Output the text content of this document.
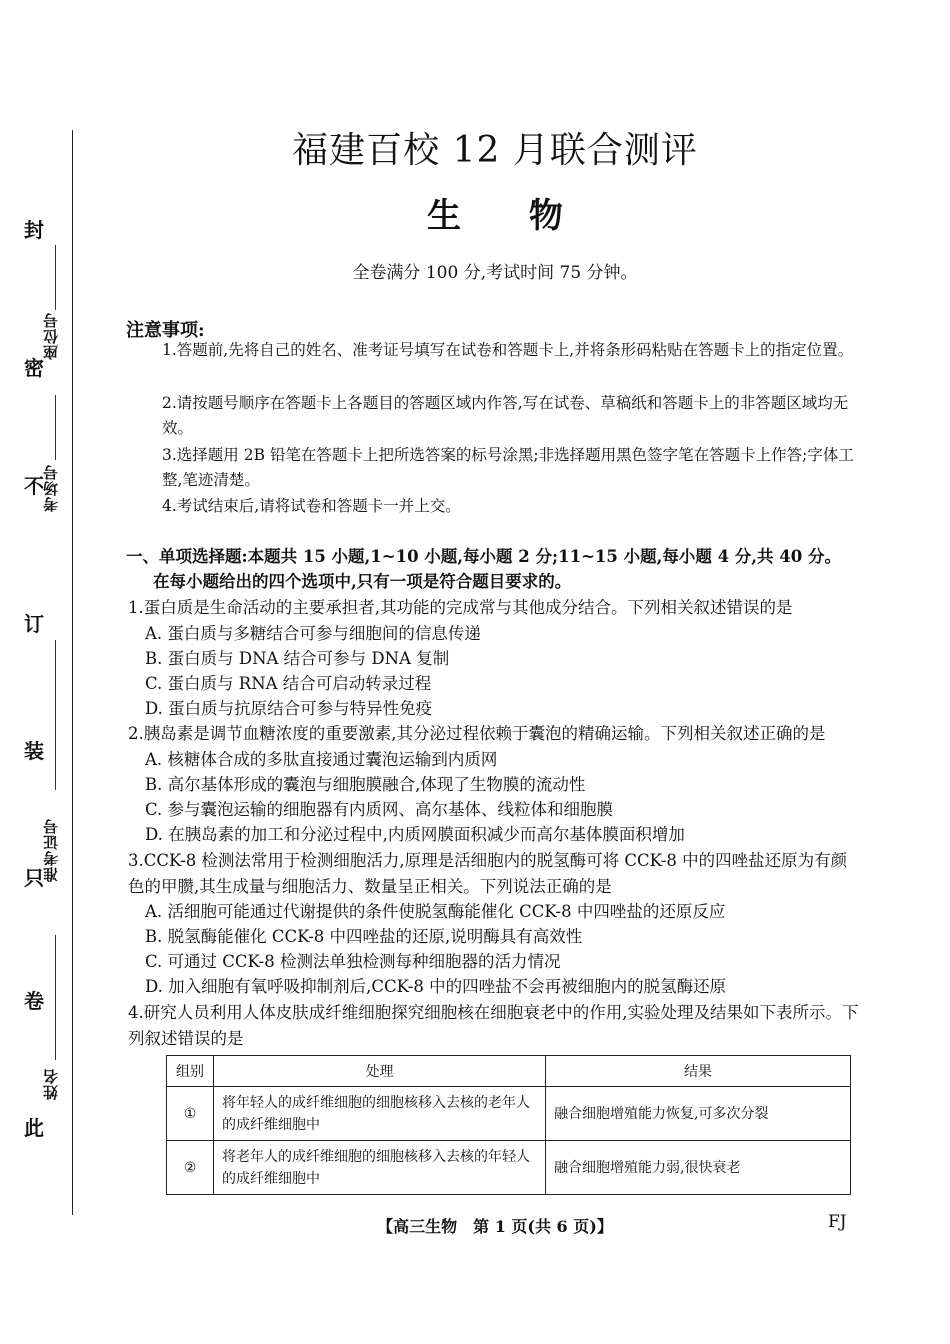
封
密
不
订
装
只
卷
此
座位号
考场号
准考证号
姓名
福建百校 12 月联合测评
生 物
全卷满分 100 分,考试时间 75 分钟。
注意事项:
1.答题前,先将自己的姓名、准考证号填写在试卷和答题卡上,并将条形码粘贴在答题卡上的指定位置。
2.请按题号顺序在答题卡上各题目的答题区域内作答,写在试卷、草稿纸和答题卡上的非答题区域均无效。
3.选择题用 2B 铅笔在答题卡上把所选答案的标号涂黑;非选择题用黑色签字笔在答题卡上作答;字体工整,笔迹清楚。
4.考试结束后,请将试卷和答题卡一并上交。
一、单项选择题:本题共 15 小题,1~10 小题,每小题 2 分;11~15 小题,每小题 4 分,共 40 分。
在每小题给出的四个选项中,只有一项是符合题目要求的。
1.蛋白质是生命活动的主要承担者,其功能的完成常与其他成分结合。下列相关叙述错误的是
A. 蛋白质与多糖结合可参与细胞间的信息传递
B. 蛋白质与 DNA 结合可参与 DNA 复制
C. 蛋白质与 RNA 结合可启动转录过程
D. 蛋白质与抗原结合可参与特异性免疫
2.胰岛素是调节血糖浓度的重要激素,其分泌过程依赖于囊泡的精确运输。下列相关叙述正确的是
A. 核糖体合成的多肽直接通过囊泡运输到内质网
B. 高尔基体形成的囊泡与细胞膜融合,体现了生物膜的流动性
C. 参与囊泡运输的细胞器有内质网、高尔基体、线粒体和细胞膜
D. 在胰岛素的加工和分泌过程中,内质网膜面积减少而高尔基体膜面积增加
3.CCK-8 检测法常用于检测细胞活力,原理是活细胞内的脱氢酶可将 CCK-8 中的四唑盐还原为有颜色的甲臜,其生成量与细胞活力、数量呈正相关。下列说法正确的是
A. 活细胞可能通过代谢提供的条件使脱氢酶能催化 CCK-8 中四唑盐的还原反应
B. 脱氢酶能催化 CCK-8 中四唑盐的还原,说明酶具有高效性
C. 可通过 CCK-8 检测法单独检测每种细胞器的活力情况
D. 加入细胞有氧呼吸抑制剂后,CCK-8 中的四唑盐不会再被细胞内的脱氢酶还原
4.研究人员利用人体皮肤成纤维细胞探究细胞核在细胞衰老中的作用,实验处理及结果如下表所示。下列叙述错误的是
组别	处理	结果
①	将年轻人的成纤维细胞的细胞核移入去核的老年人的成纤维细胞中	融合细胞增殖能力恢复,可多次分裂
②	将老年人的成纤维细胞的细胞核移入去核的年轻人的成纤维细胞中	融合细胞增殖能力弱,很快衰老
【高三生物　第 1 页(共 6 页)】	FJ
